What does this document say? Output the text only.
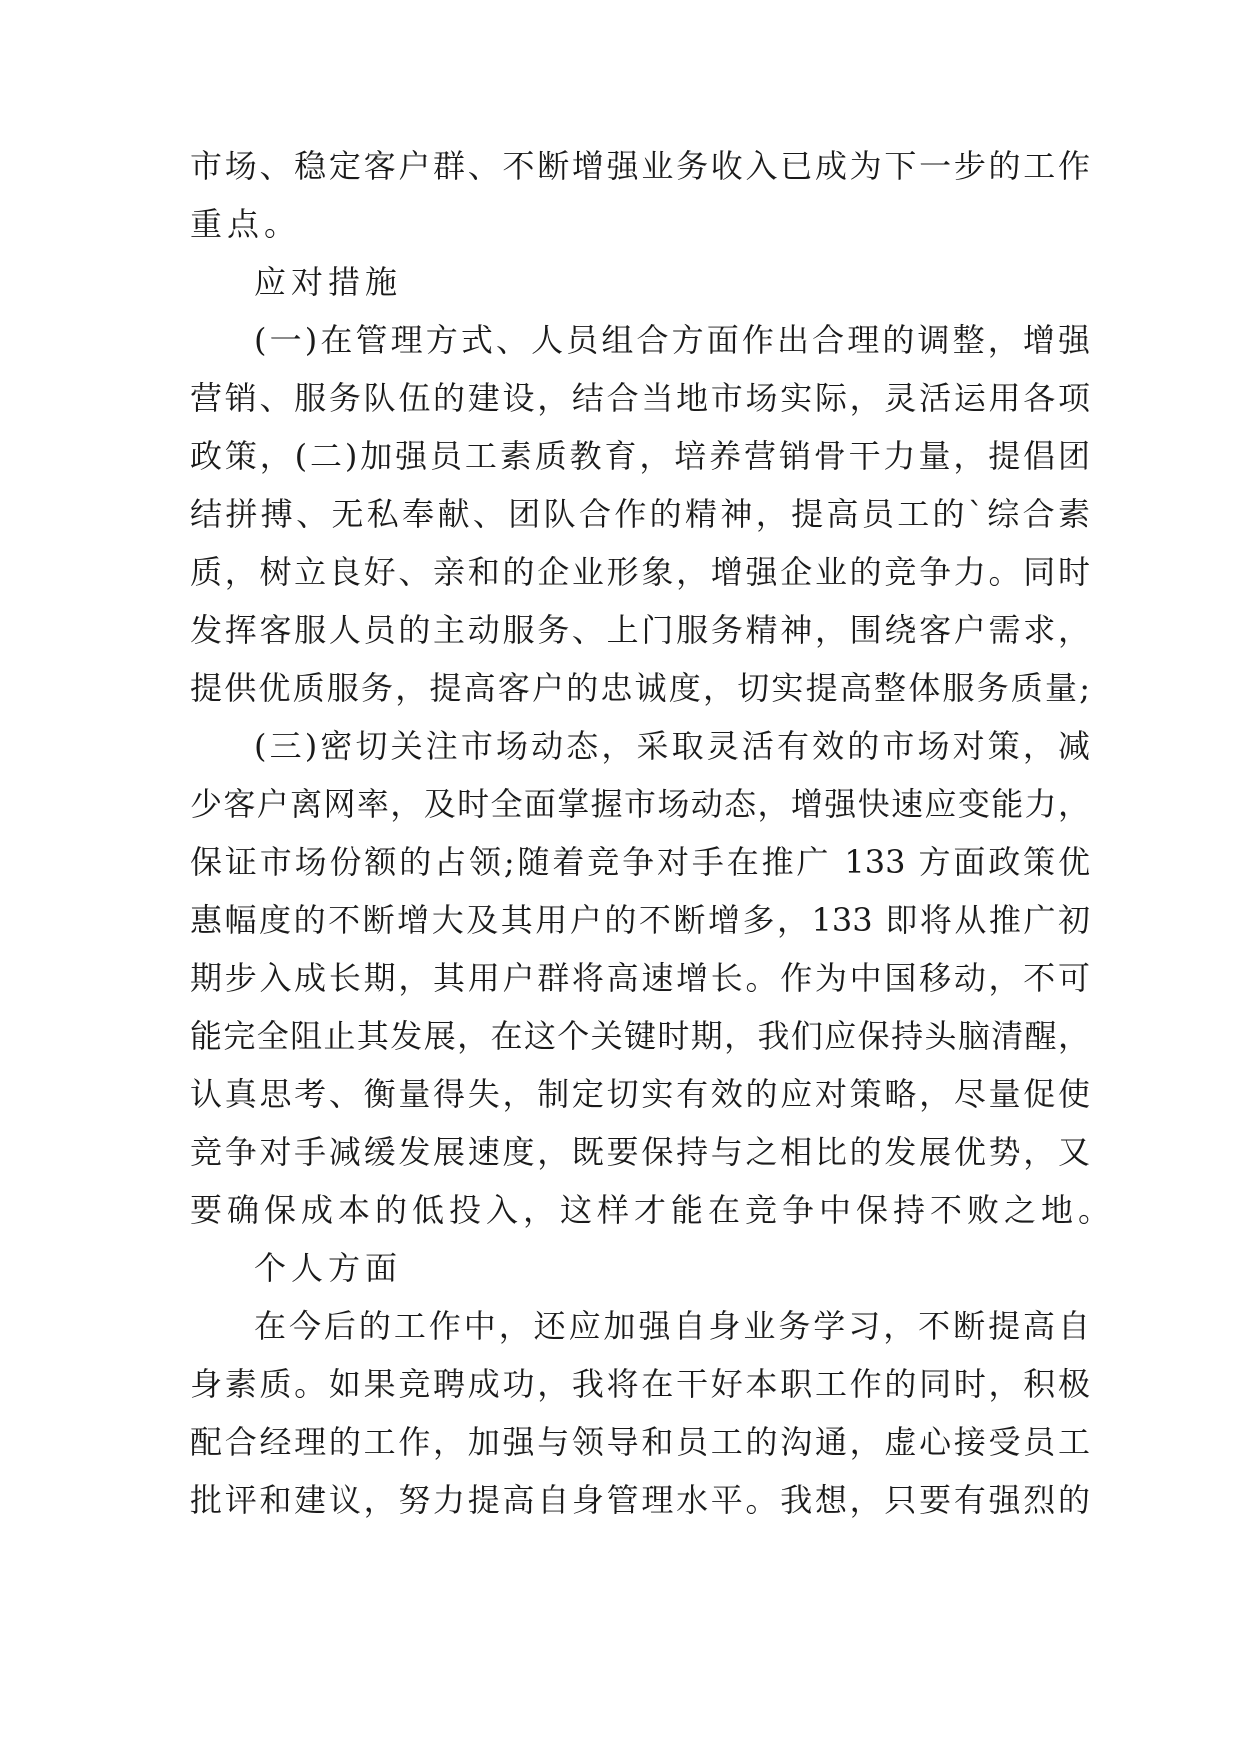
市场、稳定客户群、不断增强业务收入已成为下一步的工作
重点。
应对措施
(一)在管理方式、人员组合方面作出合理的调整，增强
营销、服务队伍的建设，结合当地市场实际，灵活运用各项
政策，(二)加强员工素质教育，培养营销骨干力量，提倡团
结拼搏、无私奉献、团队合作的精神，提高员工的`综合素
质，树立良好、亲和的企业形象，增强企业的竞争力。同时
发挥客服人员的主动服务、上门服务精神，围绕客户需求，
提供优质服务，提高客户的忠诚度，切实提高整体服务质量;
(三)密切关注市场动态，采取灵活有效的市场对策，减
少客户离网率，及时全面掌握市场动态，增强快速应变能力，
保证市场份额的占领;随着竞争对手在推广 133 方面政策优
惠幅度的不断增大及其用户的不断增多，133 即将从推广初
期步入成长期，其用户群将高速增长。作为中国移动，不可
能完全阻止其发展，在这个关键时期，我们应保持头脑清醒，
认真思考、衡量得失，制定切实有效的应对策略，尽量促使
竞争对手减缓发展速度，既要保持与之相比的发展优势，又
要确保成本的低投入，这样才能在竞争中保持不败之地。
个人方面
在今后的工作中，还应加强自身业务学习，不断提高自
身素质。如果竞聘成功，我将在干好本职工作的同时，积极
配合经理的工作，加强与领导和员工的沟通，虚心接受员工
批评和建议，努力提高自身管理水平。我想，只要有强烈的
